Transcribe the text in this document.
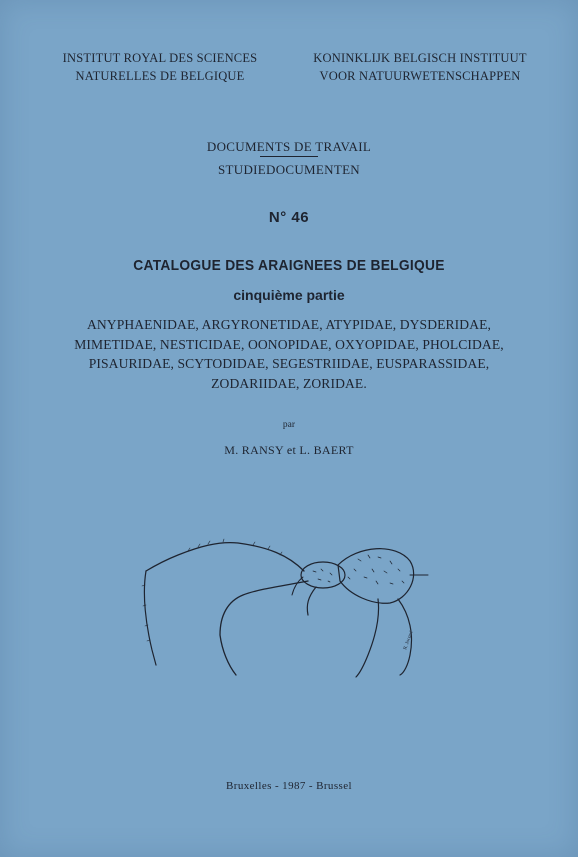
INSTITUT ROYAL DES SCIENCES
NATURELLES DE BELGIQUE
KONINKLIJK BELGISCH INSTITUUT
VOOR NATUURWETENSCHAPPEN
DOCUMENTS DE TRAVAIL
STUDIEDOCUMENTEN
N° 46
CATALOGUE DES ARAIGNEES DE BELGIQUE
cinquième partie
ANYPHAENIDAE, ARGYRONETIDAE, ATYPIDAE, DYSDERIDAE,
MIMETIDAE, NESTICIDAE, OONOPIDAE, OXYOPIDAE, PHOLCIDAE,
PISAURIDAE, SCYTODIDAE, SEGESTRIIDAE, EUSPARASSIDAE,
ZODARIIDAE, ZORIDAE.
par
M. RANSY et L. BAERT
R. Jocqué
Bruxelles - 1987 - Brussel
